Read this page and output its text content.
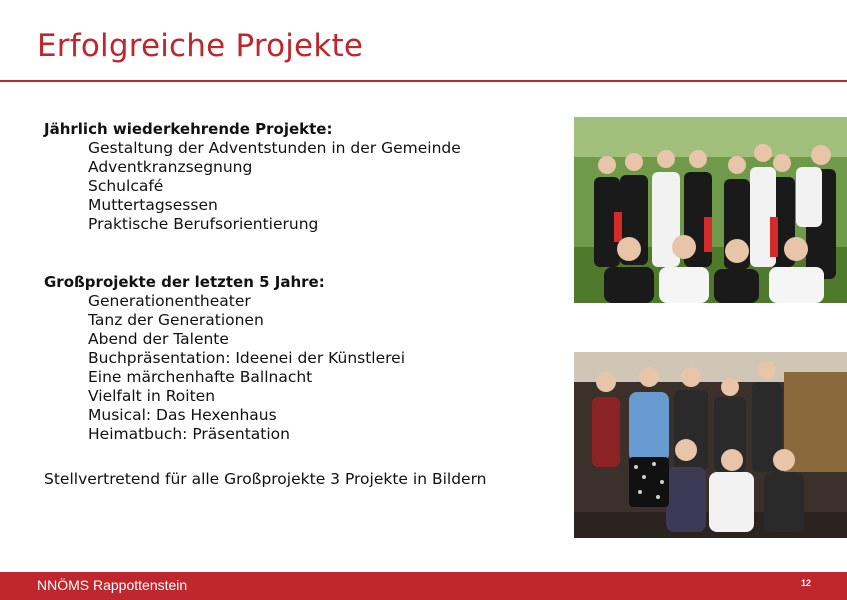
Erfolgreiche Projekte
Jährlich wiederkehrende Projekte:
Gestaltung der Adventstunden in der Gemeinde
Adventkranzsegnung
Schulcafé
Muttertagsessen
Praktische Berufsorientierung
Großprojekte der letzten 5 Jahre:
Generationentheater
Tanz der Generationen
Abend der Talente
Buchpräsentation: Ideenei der Künstlerei
Eine märchenhafte Ballnacht
Vielfalt in Roiten
Musical: Das Hexenhaus
Heimatbuch: Präsentation
Stellvertretend für alle Großprojekte 3 Projekte in Bildern
NNÖMS Rappottenstein	12
